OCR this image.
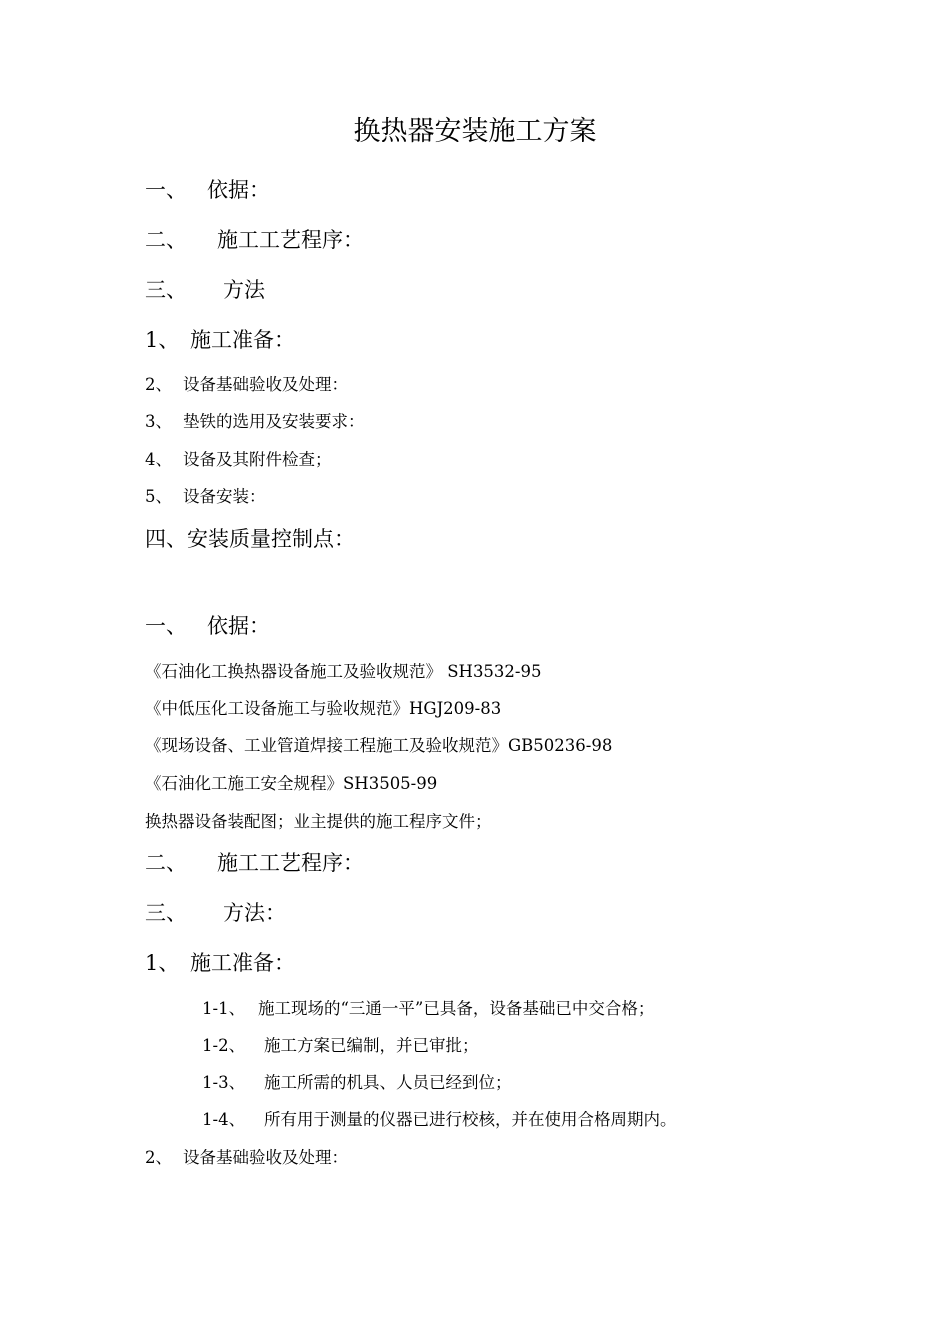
换热器安装施工方案
一、 依据：
二、 施工工艺程序：
三、 方法
1、 施工准备：
2、 设备基础验收及处理：
3、 垫铁的选用及安装要求：
4、 设备及其附件检查；
5、 设备安装：
四、安装质量控制点：
一、 依据：
《石油化工换热器设备施工及验收规范》 SH3532-95
《中低压化工设备施工与验收规范》HGJ209-83
《现场设备、工业管道焊接工程施工及验收规范》GB50236-98
《石油化工施工安全规程》SH3505-99
换热器设备装配图；业主提供的施工程序文件；
二、 施工工艺程序：
三、 方法：
1、 施工准备：
1-1、 施工现场的“三通一平”已具备，设备基础已中交合格；
1-2、 施工方案已编制，并已审批；
1-3、 施工所需的机具、人员已经到位；
1-4、 所有用于测量的仪器已进行校核，并在使用合格周期内。
2、 设备基础验收及处理：
